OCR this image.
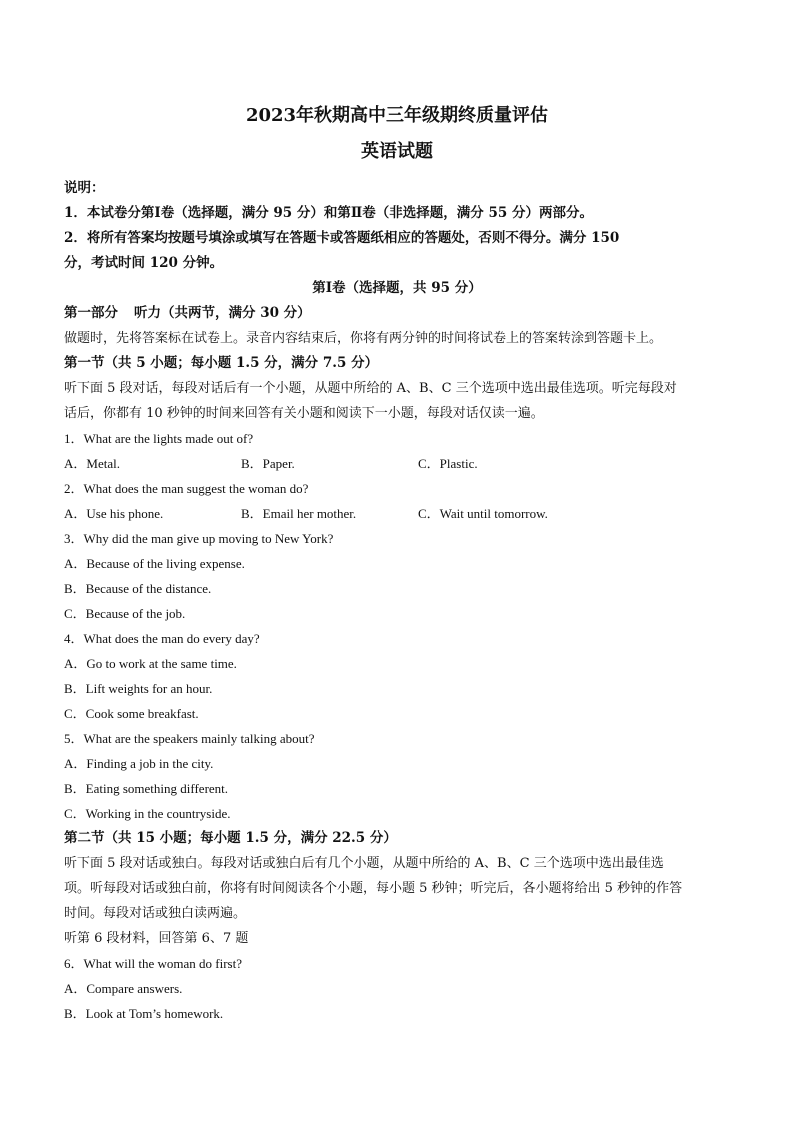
2023年秋期高中三年级期终质量评估
英语试题
说明：
1．本试卷分第Ⅰ卷（选择题，满分 95 分）和第Ⅱ卷（非选择题，满分 55 分）两部分。
2．将所有答案均按题号填涂或填写在答题卡或答题纸相应的答题处，否则不得分。满分 150
分，考试时间 120 分钟。
第Ⅰ卷（选择题，共 95 分）
第一部分 听力（共两节，满分 30 分）
做题时，先将答案标在试卷上。录音内容结束后，你将有两分钟的时间将试卷上的答案转涂到答题卡上。
第一节（共 5 小题；每小题 1.5 分，满分 7.5 分）
听下面 5 段对话，每段对话后有一个小题，从题中所给的 A、B、C 三个选项中选出最佳选项。听完每段对
话后，你都有 10 秒钟的时间来回答有关小题和阅读下一小题，每段对话仅读一遍。
1．What are the lights made out of?
A．Metal.	B．Paper.	C．Plastic.
2．What does the man suggest the woman do?
A．Use his phone.	B．Email her mother.	C．Wait until tomorrow.
3．Why did the man give up moving to New York?
A．Because of the living expense.
B．Because of the distance.
C．Because of the job.
4．What does the man do every day?
A．Go to work at the same time.
B．Lift weights for an hour.
C．Cook some breakfast.
5．What are the speakers mainly talking about?
A．Finding a job in the city.
B．Eating something different.
C．Working in the countryside.
第二节（共 15 小题；每小题 1.5 分，满分 22.5 分）
听下面 5 段对话或独白。每段对话或独白后有几个小题，从题中所给的 A、B、C 三个选项中选出最佳选
项。听每段对话或独白前，你将有时间阅读各个小题，每小题 5 秒钟；听完后，各小题将给出 5 秒钟的作答
时间。每段对话或独白读两遍。
听第 6 段材料，回答第 6、7 题
6．What will the woman do first?
A．Compare answers.
B．Look at Tom’s homework.
